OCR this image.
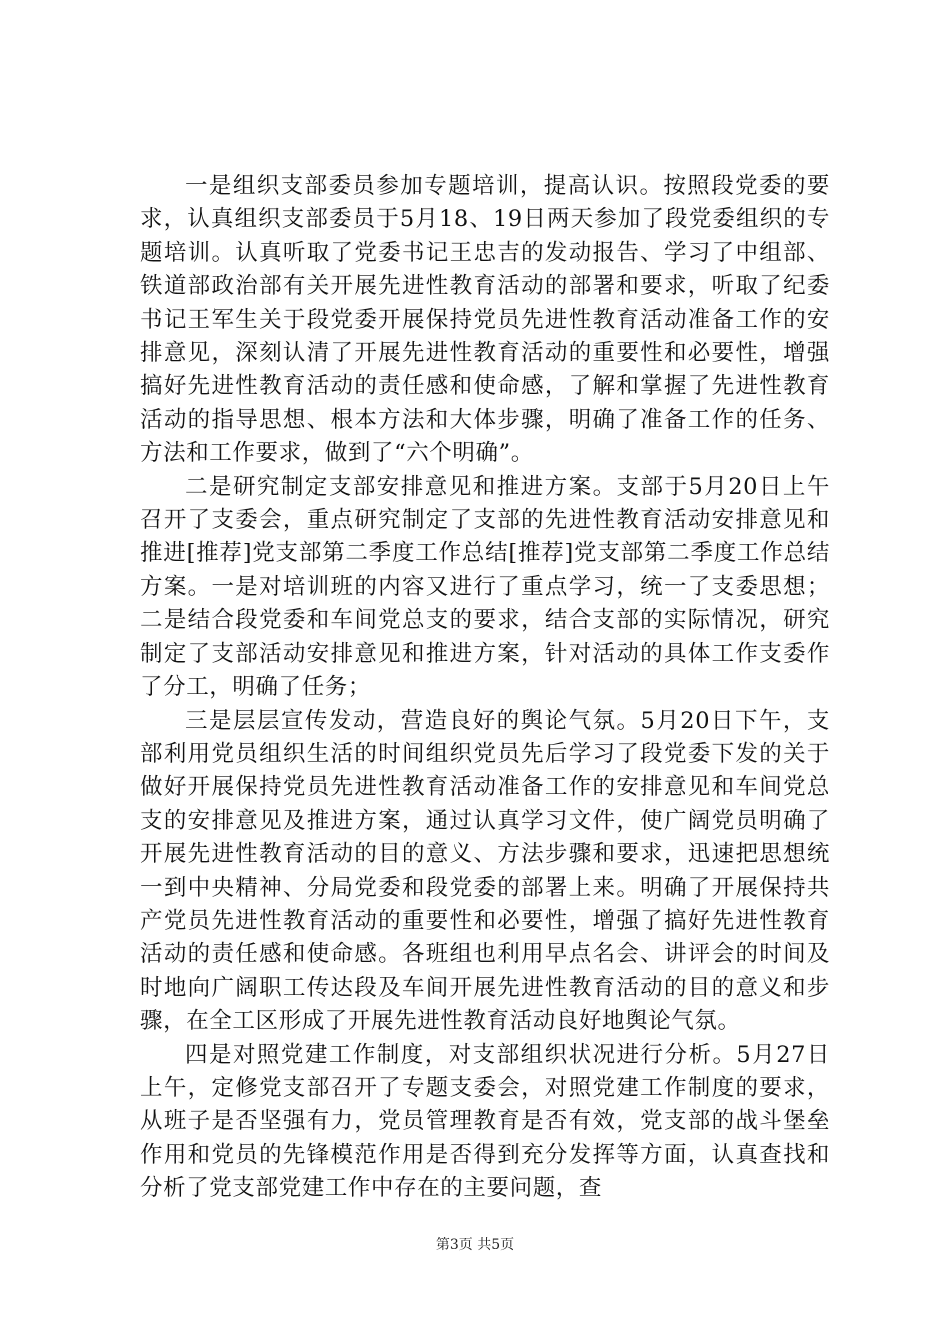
一是组织支部委员参加专题培训，提高认识。按照段党委的要求，认真组织支部委员于5月18、19日两天参加了段党委组织的专题培训。认真听取了党委书记王忠吉的发动报告、学习了中组部、铁道部政治部有关开展先进性教育活动的部署和要求，听取了纪委书记王军生关于段党委开展保持党员先进性教育活动准备工作的安排意见，深刻认清了开展先进性教育活动的重要性和必要性，增强搞好先进性教育活动的责任感和使命感，了解和掌握了先进性教育活动的指导思想、根本方法和大体步骤，明确了准备工作的任务、方法和工作要求，做到了“六个明确”。

二是研究制定支部安排意见和推进方案。支部于5月20日上午召开了支委会，重点研究制定了支部的先进性教育活动安排意见和推进[推荐]党支部第二季度工作总结[推荐]党支部第二季度工作总结方案。一是对培训班的内容又进行了重点学习，统一了支委思想；二是结合段党委和车间党总支的要求，结合支部的实际情况，研究制定了支部活动安排意见和推进方案，针对活动的具体工作支委作了分工，明确了任务；

三是层层宣传发动，营造良好的舆论气氛。5月20日下午，支部利用党员组织生活的时间组织党员先后学习了段党委下发的关于做好开展保持党员先进性教育活动准备工作的安排意见和车间党总支的安排意见及推进方案，通过认真学习文件，使广阔党员明确了开展先进性教育活动的目的意义、方法步骤和要求，迅速把思想统一到中央精神、分局党委和段党委的部署上来。明确了开展保持共产党员先进性教育活动的重要性和必要性，增强了搞好先进性教育活动的责任感和使命感。各班组也利用早点名会、讲评会的时间及时地向广阔职工传达段及车间开展先进性教育活动的目的意义和步骤，在全工区形成了开展先进性教育活动良好地舆论气氛。

四是对照党建工作制度，对支部组织状况进行分析。5月27日上午，定修党支部召开了专题支委会，对照党建工作制度的要求，从班子是否坚强有力，党员管理教育是否有效，党支部的战斗堡垒作用和党员的先锋模范作用是否得到充分发挥等方面，认真查找和分析了党支部党建工作中存在的主要问题，查

第3页 共5页
